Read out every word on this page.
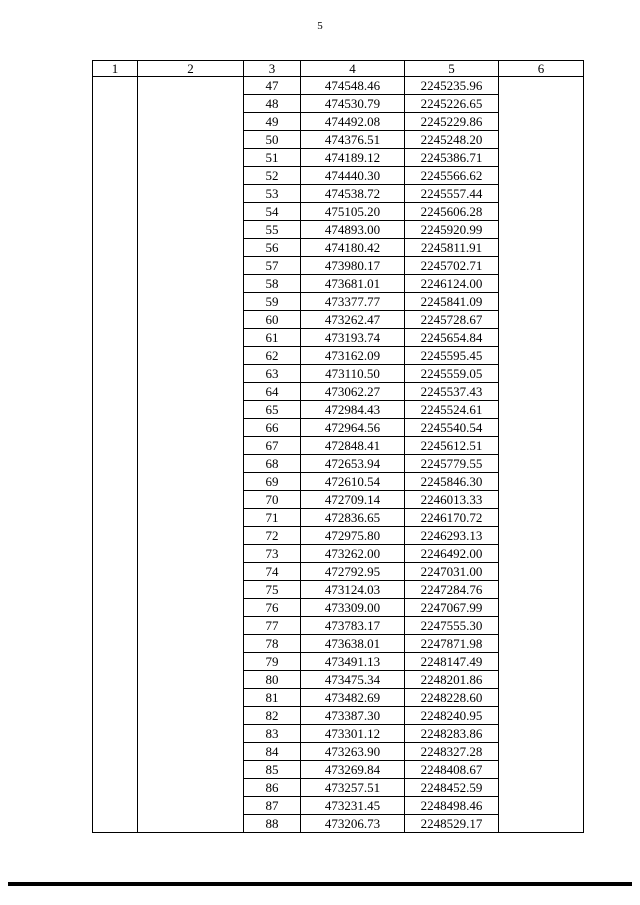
5
1	2	3	4	5	6
		47	474548.46	2245235.96	
		48	474530.79	2245226.65	
		49	474492.08	2245229.86	
		50	474376.51	2245248.20	
		51	474189.12	2245386.71	
		52	474440.30	2245566.62	
		53	474538.72	2245557.44	
		54	475105.20	2245606.28	
		55	474893.00	2245920.99	
		56	474180.42	2245811.91	
		57	473980.17	2245702.71	
		58	473681.01	2246124.00	
		59	473377.77	2245841.09	
		60	473262.47	2245728.67	
		61	473193.74	2245654.84	
		62	473162.09	2245595.45	
		63	473110.50	2245559.05	
		64	473062.27	2245537.43	
		65	472984.43	2245524.61	
		66	472964.56	2245540.54	
		67	472848.41	2245612.51	
		68	472653.94	2245779.55	
		69	472610.54	2245846.30	
		70	472709.14	2246013.33	
		71	472836.65	2246170.72	
		72	472975.80	2246293.13	
		73	473262.00	2246492.00	
		74	472792.95	2247031.00	
		75	473124.03	2247284.76	
		76	473309.00	2247067.99	
		77	473783.17	2247555.30	
		78	473638.01	2247871.98	
		79	473491.13	2248147.49	
		80	473475.34	2248201.86	
		81	473482.69	2248228.60	
		82	473387.30	2248240.95	
		83	473301.12	2248283.86	
		84	473263.90	2248327.28	
		85	473269.84	2248408.67	
		86	473257.51	2248452.59	
		87	473231.45	2248498.46	
		88	473206.73	2248529.17	
